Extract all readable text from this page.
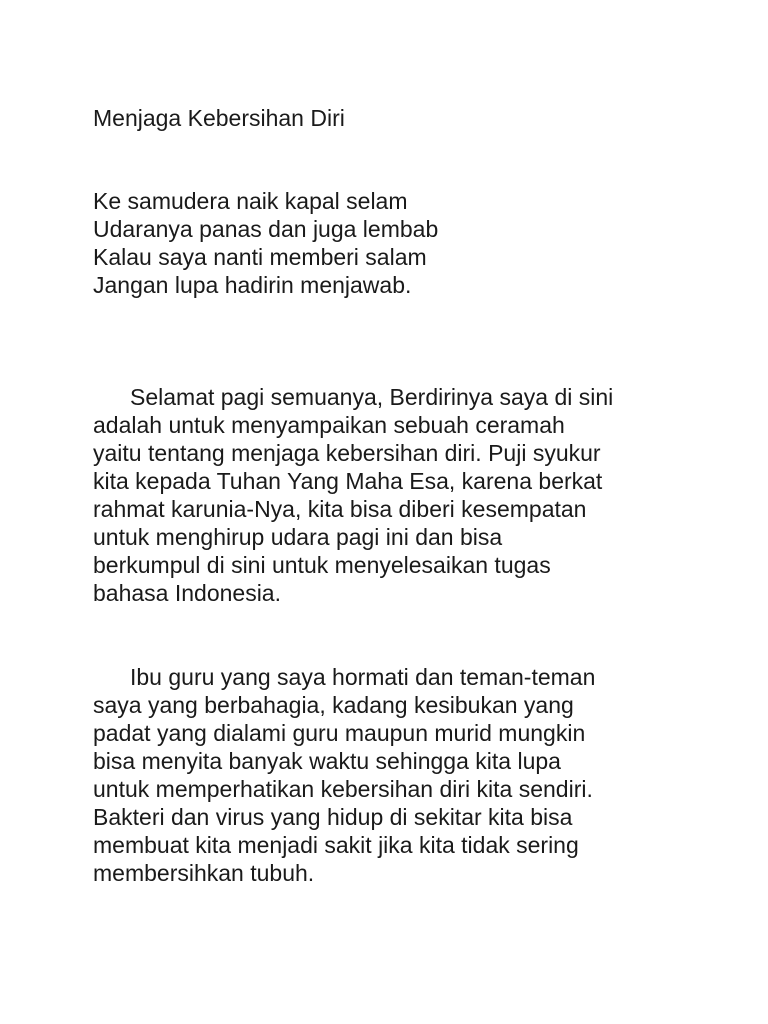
Menjaga Kebersihan Diri
Ke samudera naik kapal selam
Udaranya panas dan juga lembab
Kalau saya nanti memberi salam
Jangan lupa hadirin menjawab.
Selamat pagi semuanya, Berdirinya saya di sini
adalah untuk menyampaikan sebuah ceramah
yaitu tentang menjaga kebersihan diri. Puji syukur
kita kepada Tuhan Yang Maha Esa, karena berkat
rahmat karunia-Nya, kita bisa diberi kesempatan
untuk menghirup udara pagi ini dan bisa
berkumpul di sini untuk menyelesaikan tugas
bahasa Indonesia.
Ibu guru yang saya hormati dan teman-teman
saya yang berbahagia, kadang kesibukan yang
padat yang dialami guru maupun murid mungkin
bisa menyita banyak waktu sehingga kita lupa
untuk memperhatikan kebersihan diri kita sendiri.
Bakteri dan virus yang hidup di sekitar kita bisa
membuat kita menjadi sakit jika kita tidak sering
membersihkan tubuh.
